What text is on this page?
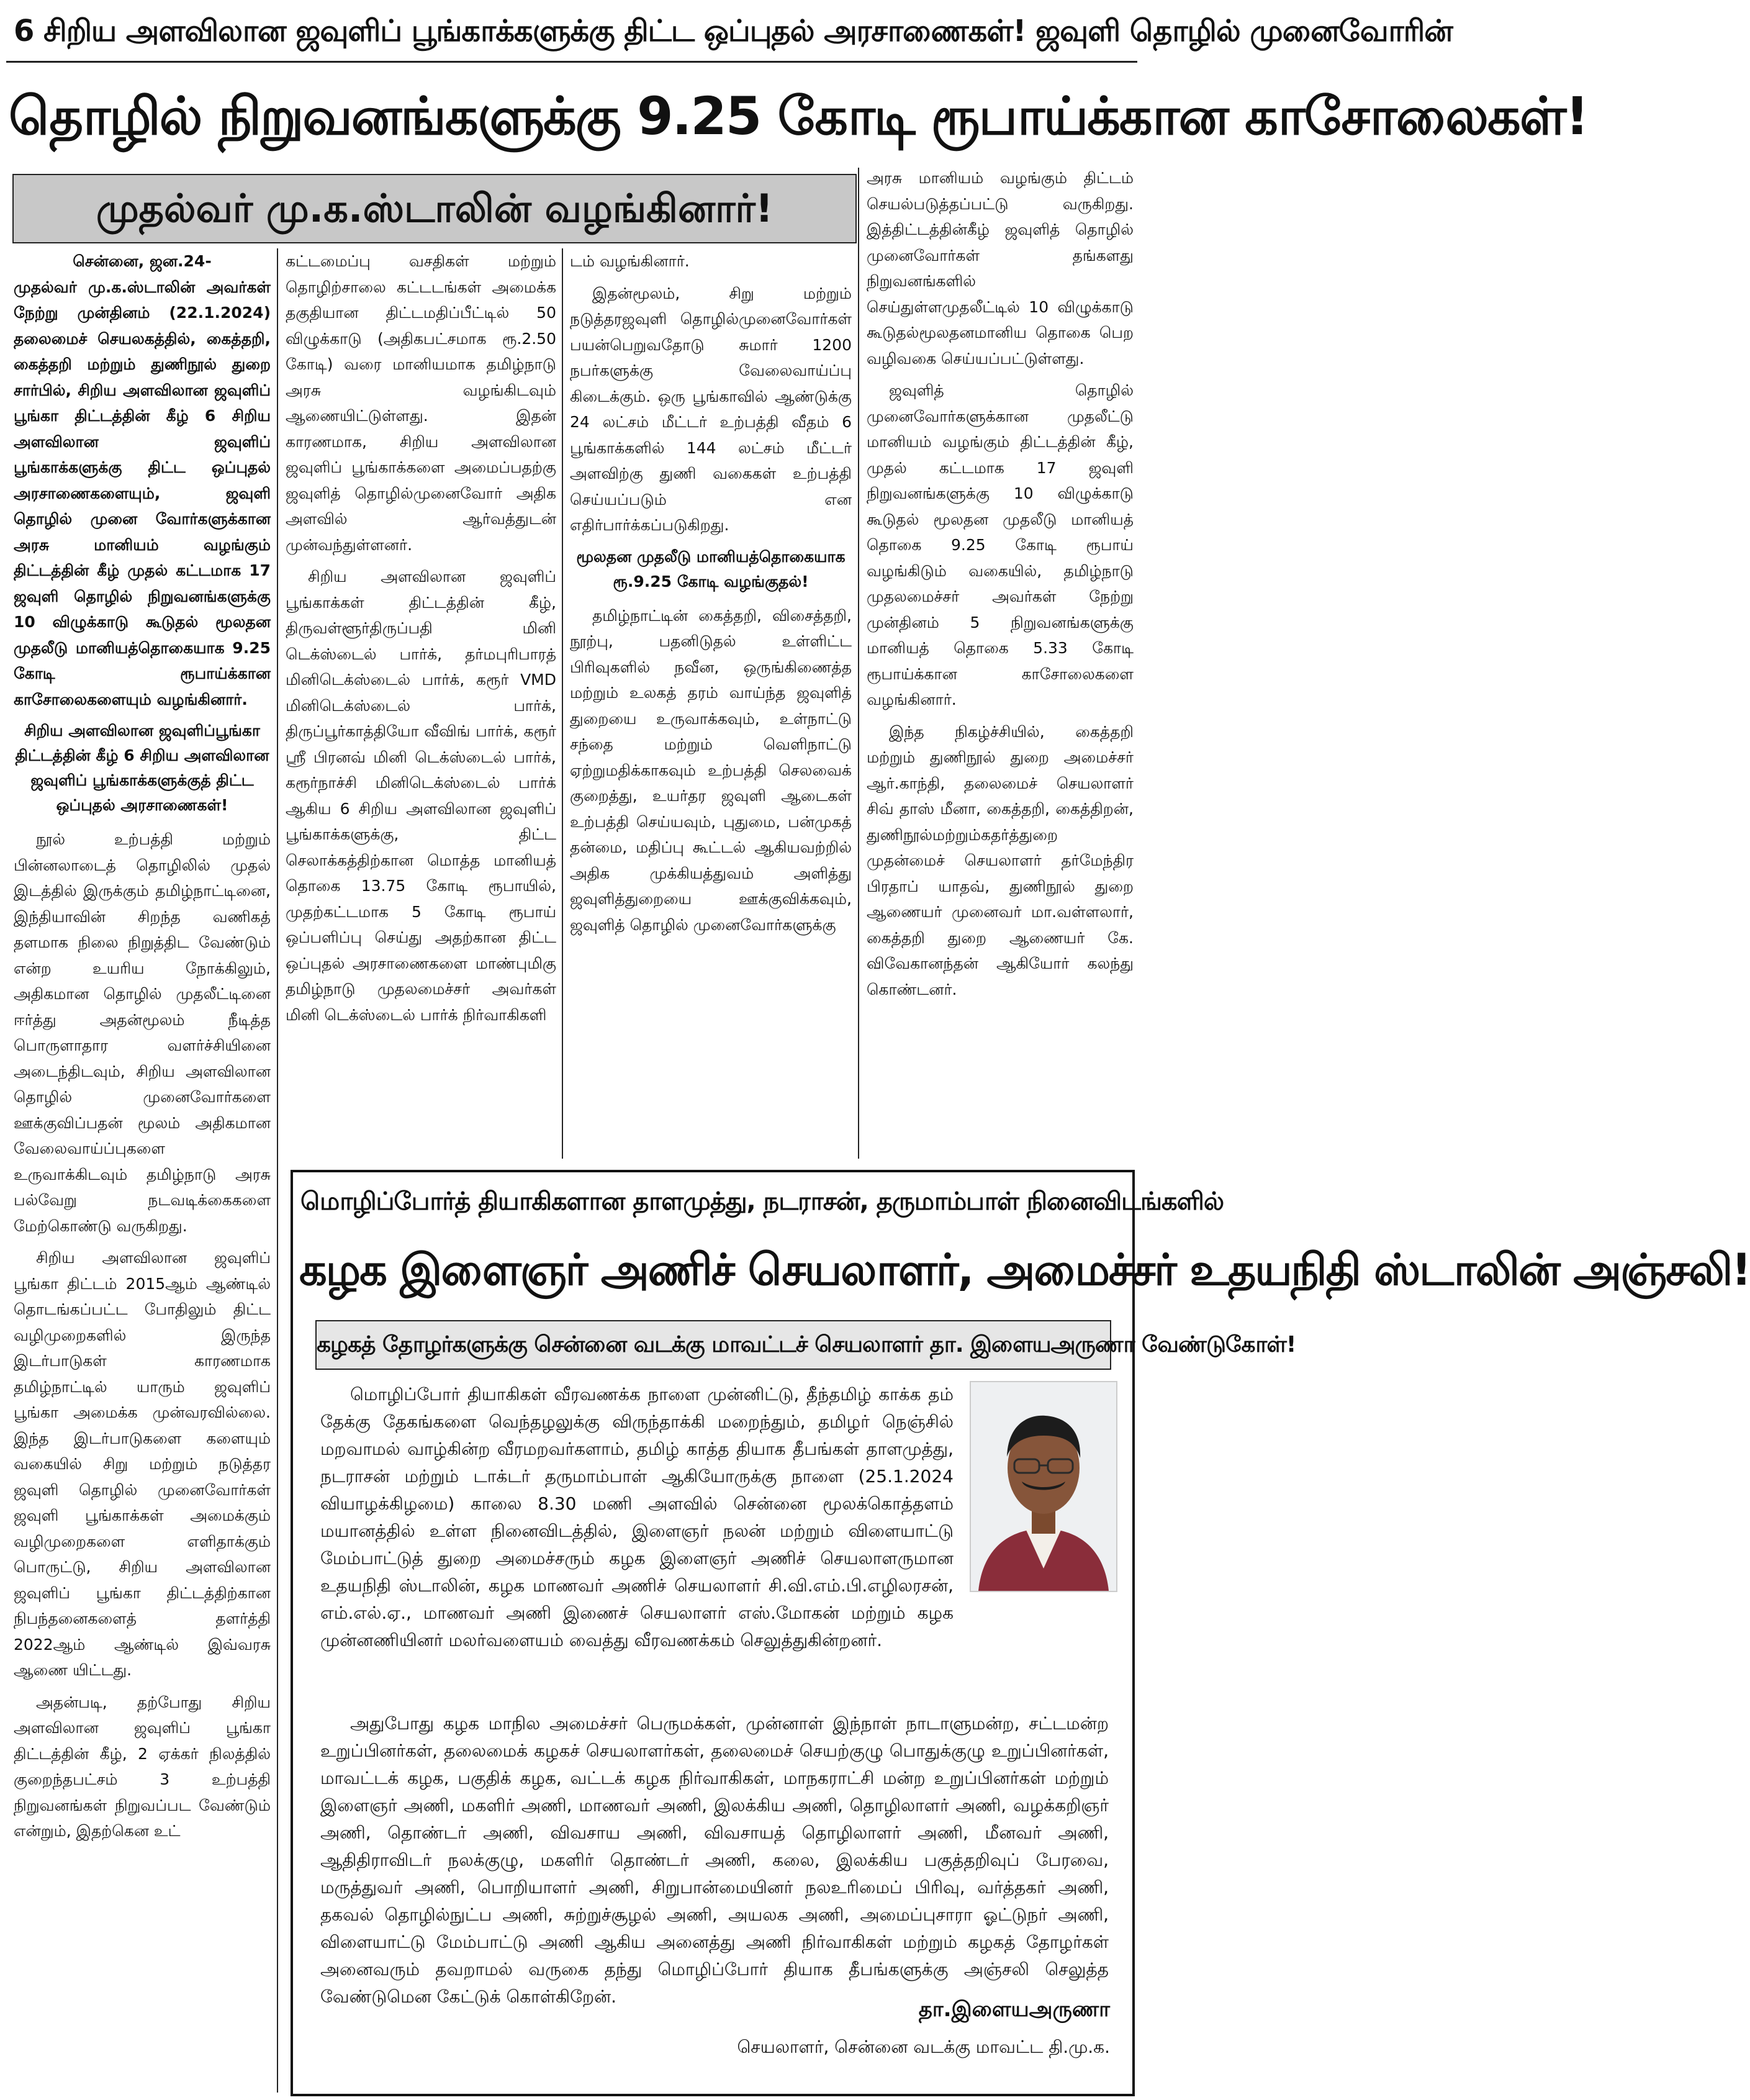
6 சிறிய அளவிலான ஜவுளிப் பூங்காக்களுக்கு திட்ட ஒப்புதல் அரசாணைகள்! ஜவுளி தொழில் முனைவோரின்
தொழில் நிறுவனங்களுக்கு 9.25 கோடி ரூபாய்க்கான காசோலைகள்!
முதல்வர் மு.க.ஸ்டாலின் வழங்கினார்!

சென்னை, ஜன.24-
முதல்வர் மு.க.ஸ்டாலின் அவர்கள் நேற்று முன்தினம் (22.1.2024) தலைமைச் செயலகத்தில், கைத்தறி, கைத்தறி மற்றும் துணிநூல் துறை சார்பில், சிறிய அளவிலான ஜவுளிப் பூங்கா திட்டத்தின் கீழ் 6 சிறிய அளவிலான ஜவுளிப் பூங்காக்களுக்கு திட்ட ஒப்புதல் அரசாணைகளையும், ஜவுளி தொழில் முனை வோர்களுக்கான அரசு மானியம் வழங்கும் திட்டத்தின் கீழ் முதல் கட்டமாக 17 ஜவுளி தொழில் நிறுவனங்களுக்கு 10 விழுக்காடு கூடுதல் மூலதன முதலீடு மானியத்தொகையாக 9.25 கோடி ரூபாய்க்கான காசோலைகளையும் வழங்கினார்.

சிறிய அளவிலான ஜவுளிப்பூங்கா திட்டத்தின் கீழ் 6 சிறிய அளவிலான ஜவுளிப் பூங்காக்களுக்குத் திட்ட ஒப்புதல் அரசாணைகள்!

நூல் உற்பத்தி மற்றும் பின்னலாடைத் தொழிலில் முதல் இடத்தில் இருக்கும் தமிழ்நாட்டினை, இந்தியாவின் சிறந்த வணிகத் தளமாக நிலை நிறுத்திட வேண்டும் என்ற உயரிய நோக்கிலும், அதிகமான தொழில் முதலீட்டினை ஈர்த்து அதன்மூலம் நீடித்த பொருளாதார வளர்ச்சியினை அடைந்திடவும், சிறிய அளவிலான தொழில் முனைவோர்களை ஊக்குவிப்பதன் மூலம் அதிகமான வேலைவாய்ப்புகளை உருவாக்கிடவும் தமிழ்நாடு அரசு பல்வேறு நடவடிக்கைகளை மேற்கொண்டு வருகிறது.

சிறிய அளவிலான ஜவுளிப் பூங்கா திட்டம் 2015ஆம் ஆண்டில் தொடங்கப்பட்ட போதிலும் திட்ட வழிமுறைகளில் இருந்த இடர்பாடுகள் காரணமாக தமிழ்நாட்டில் யாரும் ஜவுளிப் பூங்கா அமைக்க முன்வரவில்லை. இந்த இடர்பாடுகளை களையும் வகையில் சிறு மற்றும் நடுத்தர ஜவுளி தொழில் முனைவோர்கள் ஜவுளி பூங்காக்கள் அமைக்கும் வழிமுறைகளை எளிதாக்கும் பொருட்டு, சிறிய அளவிலான ஜவுளிப் பூங்கா திட்டத்திற்கான நிபந்தனைகளைத் தளர்த்தி 2022ஆம் ஆண்டில் இவ்வரசு ஆணை யிட்டது.

அதன்படி, தற்போது சிறிய அளவிலான ஜவுளிப் பூங்கா திட்டத்தின் கீழ், 2 ஏக்கர் நிலத்தில் குறைந்தபட்சம் 3 உற்பத்தி நிறுவனங்கள் நிறுவப்பட வேண்டும் என்றும், இதற்கென உட்

கட்டமைப்பு வசதிகள் மற்றும் தொழிற்சாலை கட்டடங்கள் அமைக்க தகுதியான திட்டமதிப்பீட்டில் 50 விழுக்காடு (அதிகபட்சமாக ரூ.2.50 கோடி) வரை மானியமாக தமிழ்நாடு அரசு வழங்கிடவும் ஆணையிட்டுள்ளது. இதன் காரணமாக, சிறிய அளவிலான ஜவுளிப் பூங்காக்களை அமைப்பதற்கு ஜவுளித் தொழில்முனைவோர் அதிக அளவில் ஆர்வத்துடன் முன்வந்துள்ளனர்.

சிறிய அளவிலான ஜவுளிப் பூங்காக்கள் திட்டத்தின் கீழ், திருவள்ளூர்திருப்பதி மினி டெக்ஸ்டைல் பார்க், தர்மபுரிபாரத் மினிடெக்ஸ்டைல் பார்க், கரூர் VMD மினிடெக்ஸ்டைல் பார்க், திருப்பூர்காத்தியோ வீவிங் பார்க், கரூர் ஸ்ரீ பிரனவ் மினி டெக்ஸ்டைல் பார்க், கரூர்நாச்சி மினிடெக்ஸ்டைல் பார்க் ஆகிய 6 சிறிய அளவிலான ஜவுளிப் பூங்காக்களுக்கு, திட்ட செலாக்கத்திற்கான மொத்த மானியத் தொகை 13.75 கோடி ரூபாயில், முதற்கட்டமாக 5 கோடி ரூபாய் ஒப்பளிப்பு செய்து அதற்கான திட்ட ஒப்புதல் அரசாணைகளை மாண்புமிகு தமிழ்நாடு முதலமைச்சர் அவர்கள் மினி டெக்ஸ்டைல் பார்க் நிர்வாகிகளி

டம் வழங்கினார்.

இதன்மூலம், சிறு மற்றும் நடுத்தரஜவுளி தொழில்முனைவோர்கள் பயன்பெறுவதோடு சுமார் 1200 நபர்களுக்கு வேலைவாய்ப்பு கிடைக்கும். ஒரு பூங்காவில் ஆண்டுக்கு 24 லட்சம் மீட்டர் உற்பத்தி வீதம் 6 பூங்காக்களில் 144 லட்சம் மீட்டர் அளவிற்கு துணி வகைகள் உற்பத்தி செய்யப்படும் என எதிர்பார்க்கப்படுகிறது.

மூலதன முதலீடு மானியத்தொகையாக ரூ.9.25 கோடி வழங்குதல்!

தமிழ்நாட்டின் கைத்தறி, விசைத்தறி, நூற்பு, பதனிடுதல் உள்ளிட்ட பிரிவுகளில் நவீன, ஒருங்கிணைத்த மற்றும் உலகத் தரம் வாய்ந்த ஜவுளித் துறையை உருவாக்கவும், உள்நாட்டு சந்தை மற்றும் வெளிநாட்டு ஏற்றுமதிக்காகவும் உற்பத்தி செலவைக் குறைத்து, உயர்தர ஜவுளி ஆடைகள் உற்பத்தி செய்யவும், புதுமை, பன்முகத் தன்மை, மதிப்பு கூட்டல் ஆகியவற்றில் அதிக முக்கியத்துவம் அளித்து ஜவுளித்துறையை ஊக்குவிக்கவும், ஜவுளித் தொழில் முனைவோர்களுக்கு

அரசு மானியம் வழங்கும் திட்டம் செயல்படுத்தப்பட்டு வருகிறது. இத்திட்டத்தின்கீழ் ஜவுளித் தொழில் முனைவோர்கள் தங்களது நிறுவனங்களில் செய்துள்ளமுதலீட்டில் 10 விழுக்காடு கூடுதல்மூலதனமானிய தொகை பெற வழிவகை செய்யப்பட்டுள்ளது.

ஜவுளித் தொழில் முனைவோர்களுக்கான முதலீட்டு மானியம் வழங்கும் திட்டத்தின் கீழ், முதல் கட்டமாக 17 ஜவுளி நிறுவனங்களுக்கு 10 விழுக்காடு கூடுதல் மூலதன முதலீடு மானியத் தொகை 9.25 கோடி ரூபாய் வழங்கிடும் வகையில், தமிழ்நாடு முதலமைச்சர் அவர்கள் நேற்று முன்தினம் 5 நிறுவனங்களுக்கு மானியத் தொகை 5.33 கோடி ரூபாய்க்கான காசோலைகளை வழங்கினார்.

இந்த நிகழ்ச்சியில், கைத்தறி மற்றும் துணிநூல் துறை அமைச்சர் ஆர்.காந்தி, தலைமைச் செயலாளர் சிவ் தாஸ் மீனா, கைத்தறி, கைத்திறன், துணிநூல்மற்றும்கதர்த்துறை முதன்மைச் செயலாளர் தர்மேந்திர பிரதாப் யாதவ், துணிநூல் துறை ஆணையர் முனைவர் மா.வள்ளலார், கைத்தறி துறை ஆணையர் கே. விவேகானந்தன் ஆகியோர் கலந்து கொண்டனர்.

மொழிப்போர்த் தியாகிகளான தாளமுத்து, நடராசன், தருமாம்பாள் நினைவிடங்களில்
கழக இளைஞர் அணிச் செயலாளர், அமைச்சர் உதயநிதி ஸ்டாலின் அஞ்சலி!
கழகத் தோழர்களுக்கு சென்னை வடக்கு மாவட்டச் செயலாளர் தா. இளையஅருணா வேண்டுகோள்!

மொழிப்போர் தியாகிகள் வீரவணக்க நாளை முன்னிட்டு, தீந்தமிழ் காக்க தம் தேக்கு தேகங்களை வெந்தழலுக்கு விருந்தாக்கி மறைந்தும், தமிழர் நெஞ்சில் மறவாமல் வாழ்கின்ற வீரமறவர்களாம், தமிழ் காத்த தியாக தீபங்கள் தாளமுத்து, நடராசன் மற்றும் டாக்டர் தருமாம்பாள் ஆகியோருக்கு நாளை (25.1.2024 வியாழக்கிழமை) காலை 8.30 மணி அளவில் சென்னை மூலக்கொத்தளம் மயானத்தில் உள்ள நினைவிடத்தில், இளைஞர் நலன் மற்றும் விளையாட்டு மேம்பாட்டுத் துறை அமைச்சரும் கழக இளைஞர் அணிச் செயலாளருமான உதயநிதி ஸ்டாலின், கழக மாணவர் அணிச் செயலாளர் சி.வி.எம்.பி.எழிலரசன், எம்.எல்.ஏ., மாணவர் அணி இணைச் செயலாளர் எஸ்.மோகன் மற்றும் கழக முன்னணியினர் மலர்வளையம் வைத்து வீரவணக்கம் செலுத்துகின்றனர்.

அதுபோது கழக மாநில அமைச்சர் பெருமக்கள், முன்னாள் இந்நாள் நாடாளுமன்ற, சட்டமன்ற உறுப்பினர்கள், தலைமைக் கழகச் செயலாளர்கள், தலைமைச் செயற்குழு பொதுக்குழு உறுப்பினர்கள், மாவட்டக் கழக, பகுதிக் கழக, வட்டக் கழக நிர்வாகிகள், மாநகராட்சி மன்ற உறுப்பினர்கள் மற்றும் இளைஞர் அணி, மகளிர் அணி, மாணவர் அணி, இலக்கிய அணி, தொழிலாளர் அணி, வழக்கறிஞர் அணி, தொண்டர் அணி, விவசாய அணி, விவசாயத் தொழிலாளர் அணி, மீனவர் அணி, ஆதிதிராவிடர் நலக்குழு, மகளிர் தொண்டர் அணி, கலை, இலக்கிய பகுத்தறிவுப் பேரவை, மருத்துவர் அணி, பொறியாளர் அணி, சிறுபான்மையினர் நலஉரிமைப் பிரிவு, வர்த்தகர் அணி, தகவல் தொழில்நுட்ப அணி, சுற்றுச்சூழல் அணி, அயலக அணி, அமைப்புசாரா ஓட்டுநர் அணி, விளையாட்டு மேம்பாட்டு அணி ஆகிய அனைத்து அணி நிர்வாகிகள் மற்றும் கழகத் தோழர்கள் அனைவரும் தவறாமல் வருகை தந்து மொழிப்போர் தியாக தீபங்களுக்கு அஞ்சலி செலுத்த வேண்டுமென கேட்டுக் கொள்கிறேன்.

தா.இளையஅருணா
செயலாளர், சென்னை வடக்கு மாவட்ட தி.மு.க.
